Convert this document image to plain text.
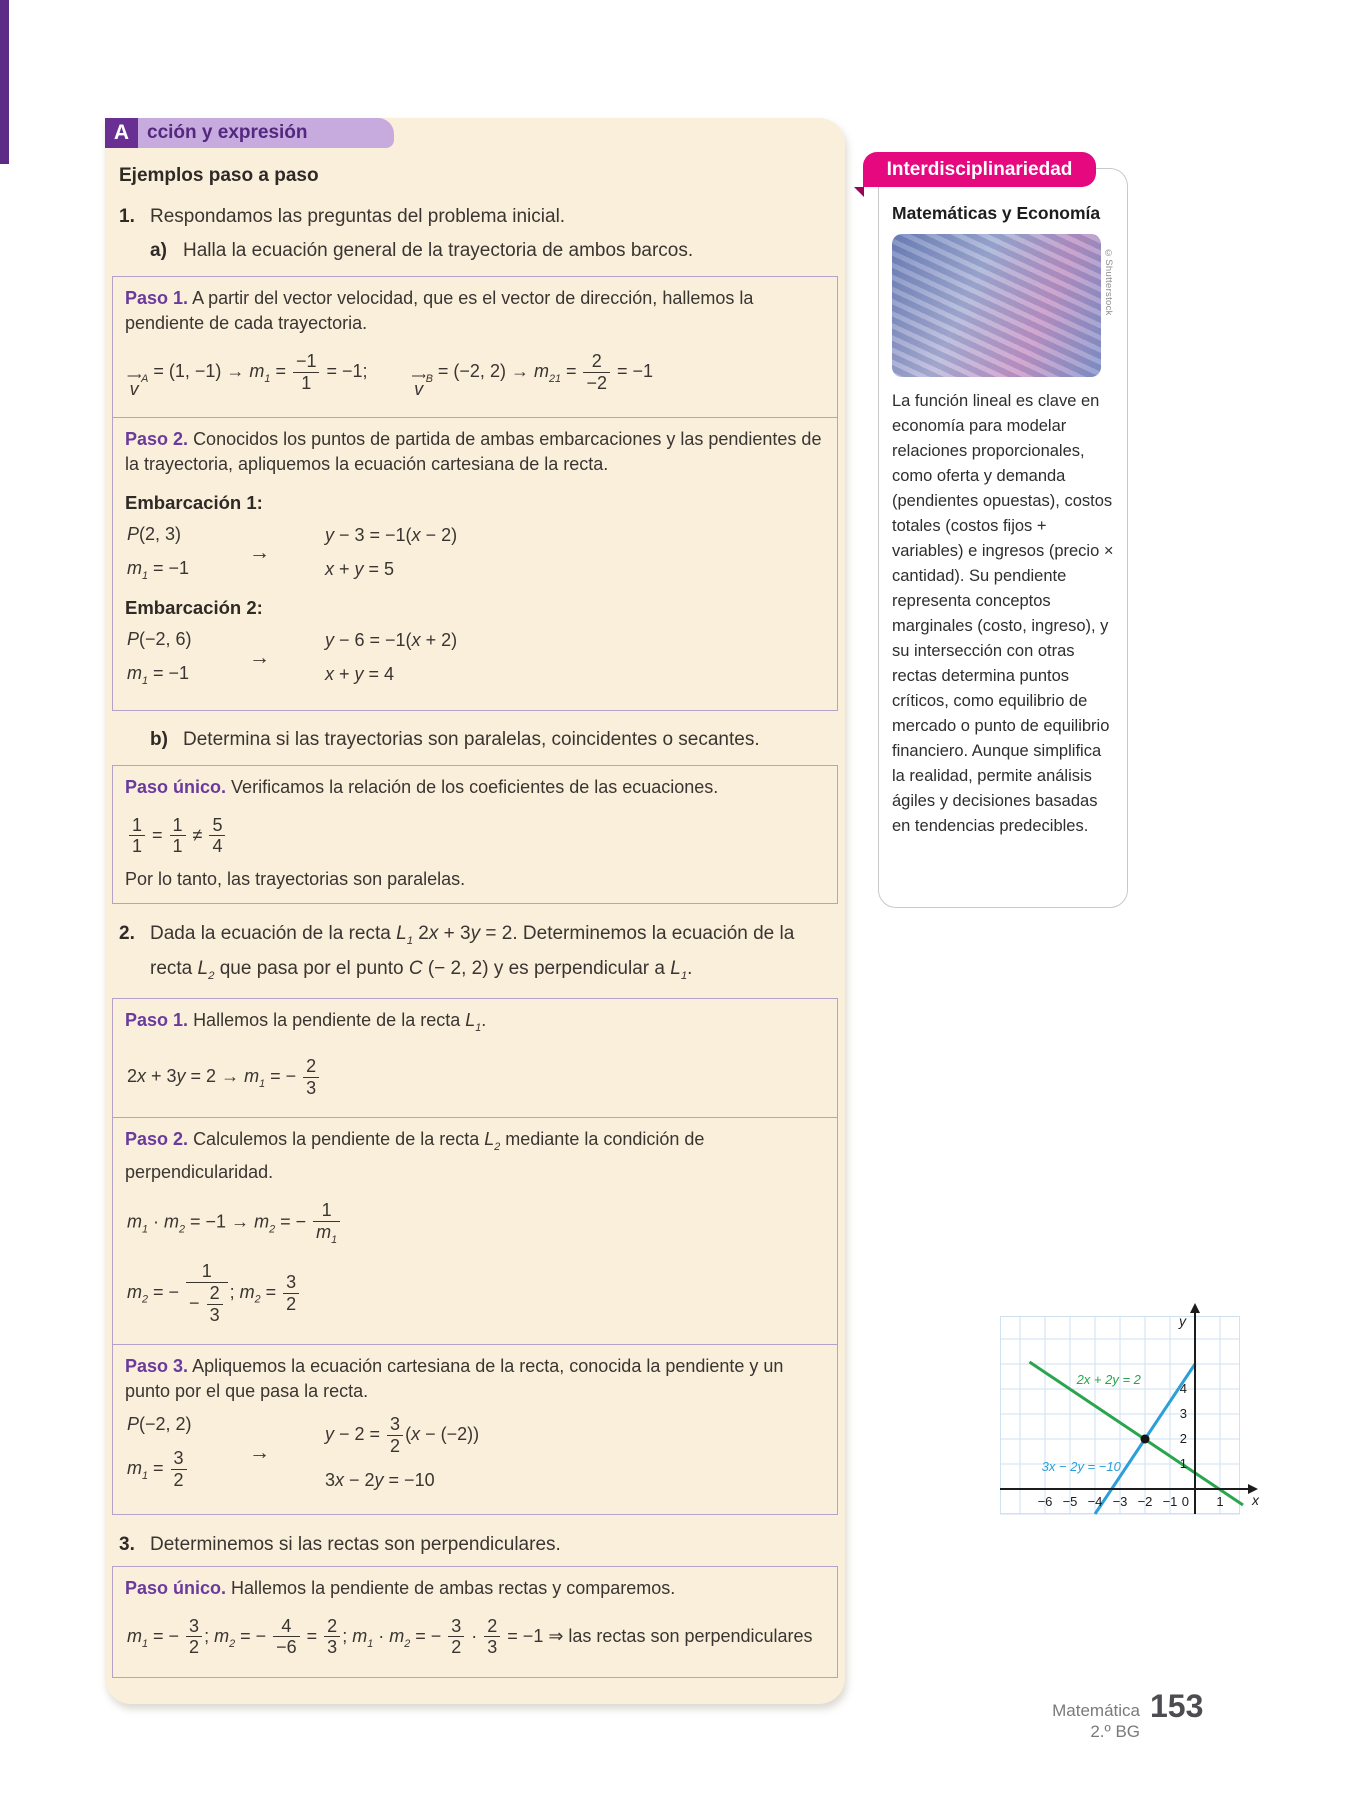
A cción y expresión
Ejemplos paso a paso
1. Respondamos las preguntas del problema inicial.
a) Halla la ecuación general de la trayectoria de ambos barcos.

Paso 1. A partir del vector velocidad, que es el vector de dirección, hallemos la pendiente de cada trayectoria.

⟶
v
$_A$ = (1, $-1) \to m_1 = \frac{-1}{1} = -1$;	⟶
v
$_B$ = (−2, $2) \to m_{21} = \frac{2}{-2} = -1$

Paso 2. Conocidos los puntos de partida de ambas embarcaciones y las pendientes de la trayectoria, apliquemos la ecuación cartesiana de la recta.

Embarcación 1:
P(2, 3)
$m_1 = -1$
→
y − 3 = −1(x − 2)
x + y = 5
Embarcación 2:
P(−2, 6)
$m_1 = -1$
→
y − 6 = −1(x + 2)
x + y = 4
b) Determina si las trayectorias son paralelas, coincidentes o secantes.

Paso único. Verificamos la relación de los coeficientes de las ecuaciones.

$\frac{1}{1} = \frac{1}{1} \ne \frac{5}{4}$
Por lo tanto, las trayectorias son paralelas.
2. Dada la ecuación de la recta $L_1$ 2x + 3y = 2. Determinemos la ecuación de la recta $L_2$ que pasa por el punto C (− 2, 2) y es perpendicular a $L_1$.

Paso 1. Hallemos la pendiente de la recta $L_1$.

$2x + 3y = 2 \to m_1$ = − $\frac{2}{3}$

Paso 2. Calculemos la pendiente de la recta $L_2$ mediante la condición de perpendicularidad.

$m_1 \cdot m_2 = -1 \to m_2$ = − $\frac{1}{m_1}$
$m_2$ = − $\frac{1}{- \frac{2}{3}}$ ; $m_2 = \frac{3}{2}$

Paso 3. Apliquemos la ecuación cartesiana de la recta, conocida la pendiente y un punto por el que pasa la recta.

P(−2, 2)
$m_1 = \frac{3}{2}$	→
$y - 2 = \frac{3}{2} (x - (-2))$
3x − 2y = −10
3. Determinemos si las rectas son perpendiculares.

Paso único. Hallemos la pendiente de ambas rectas y comparemos.

$m_1$ = − $\frac{3}{2}$ ; $m_2$ = − $\frac{4}{-6} = \frac{2}{3}$ ; $m_1 \cdot m_2$ = − $\frac{3}{2} \cdot \frac{2}{3} = -1$ ⇒ las rectas son perpendiculares
Interdisciplinariedad
Matemáticas y Economía
©Shutterstock
La función lineal es clave en economía para modelar relaciones proporcionales, como oferta y demanda (pendientes opuestas), costos totales (costos fijos + variables) e ingresos (precio × cantidad). Su pendiente representa conceptos marginales (costo, ingreso), y su intersección con otras rectas determina puntos críticos, como equilibrio de mercado o punto de equilibrio financiero. Aunque simplifica la realidad, permite análisis ágiles y decisiones basadas en tendencias predecibles.
2x + 2y = 2
3x − 2y = −10
−6 −5 −4 −3 −2 −1 0 1
1
2
3
4
y
x
Matemática
2.º BG
153
